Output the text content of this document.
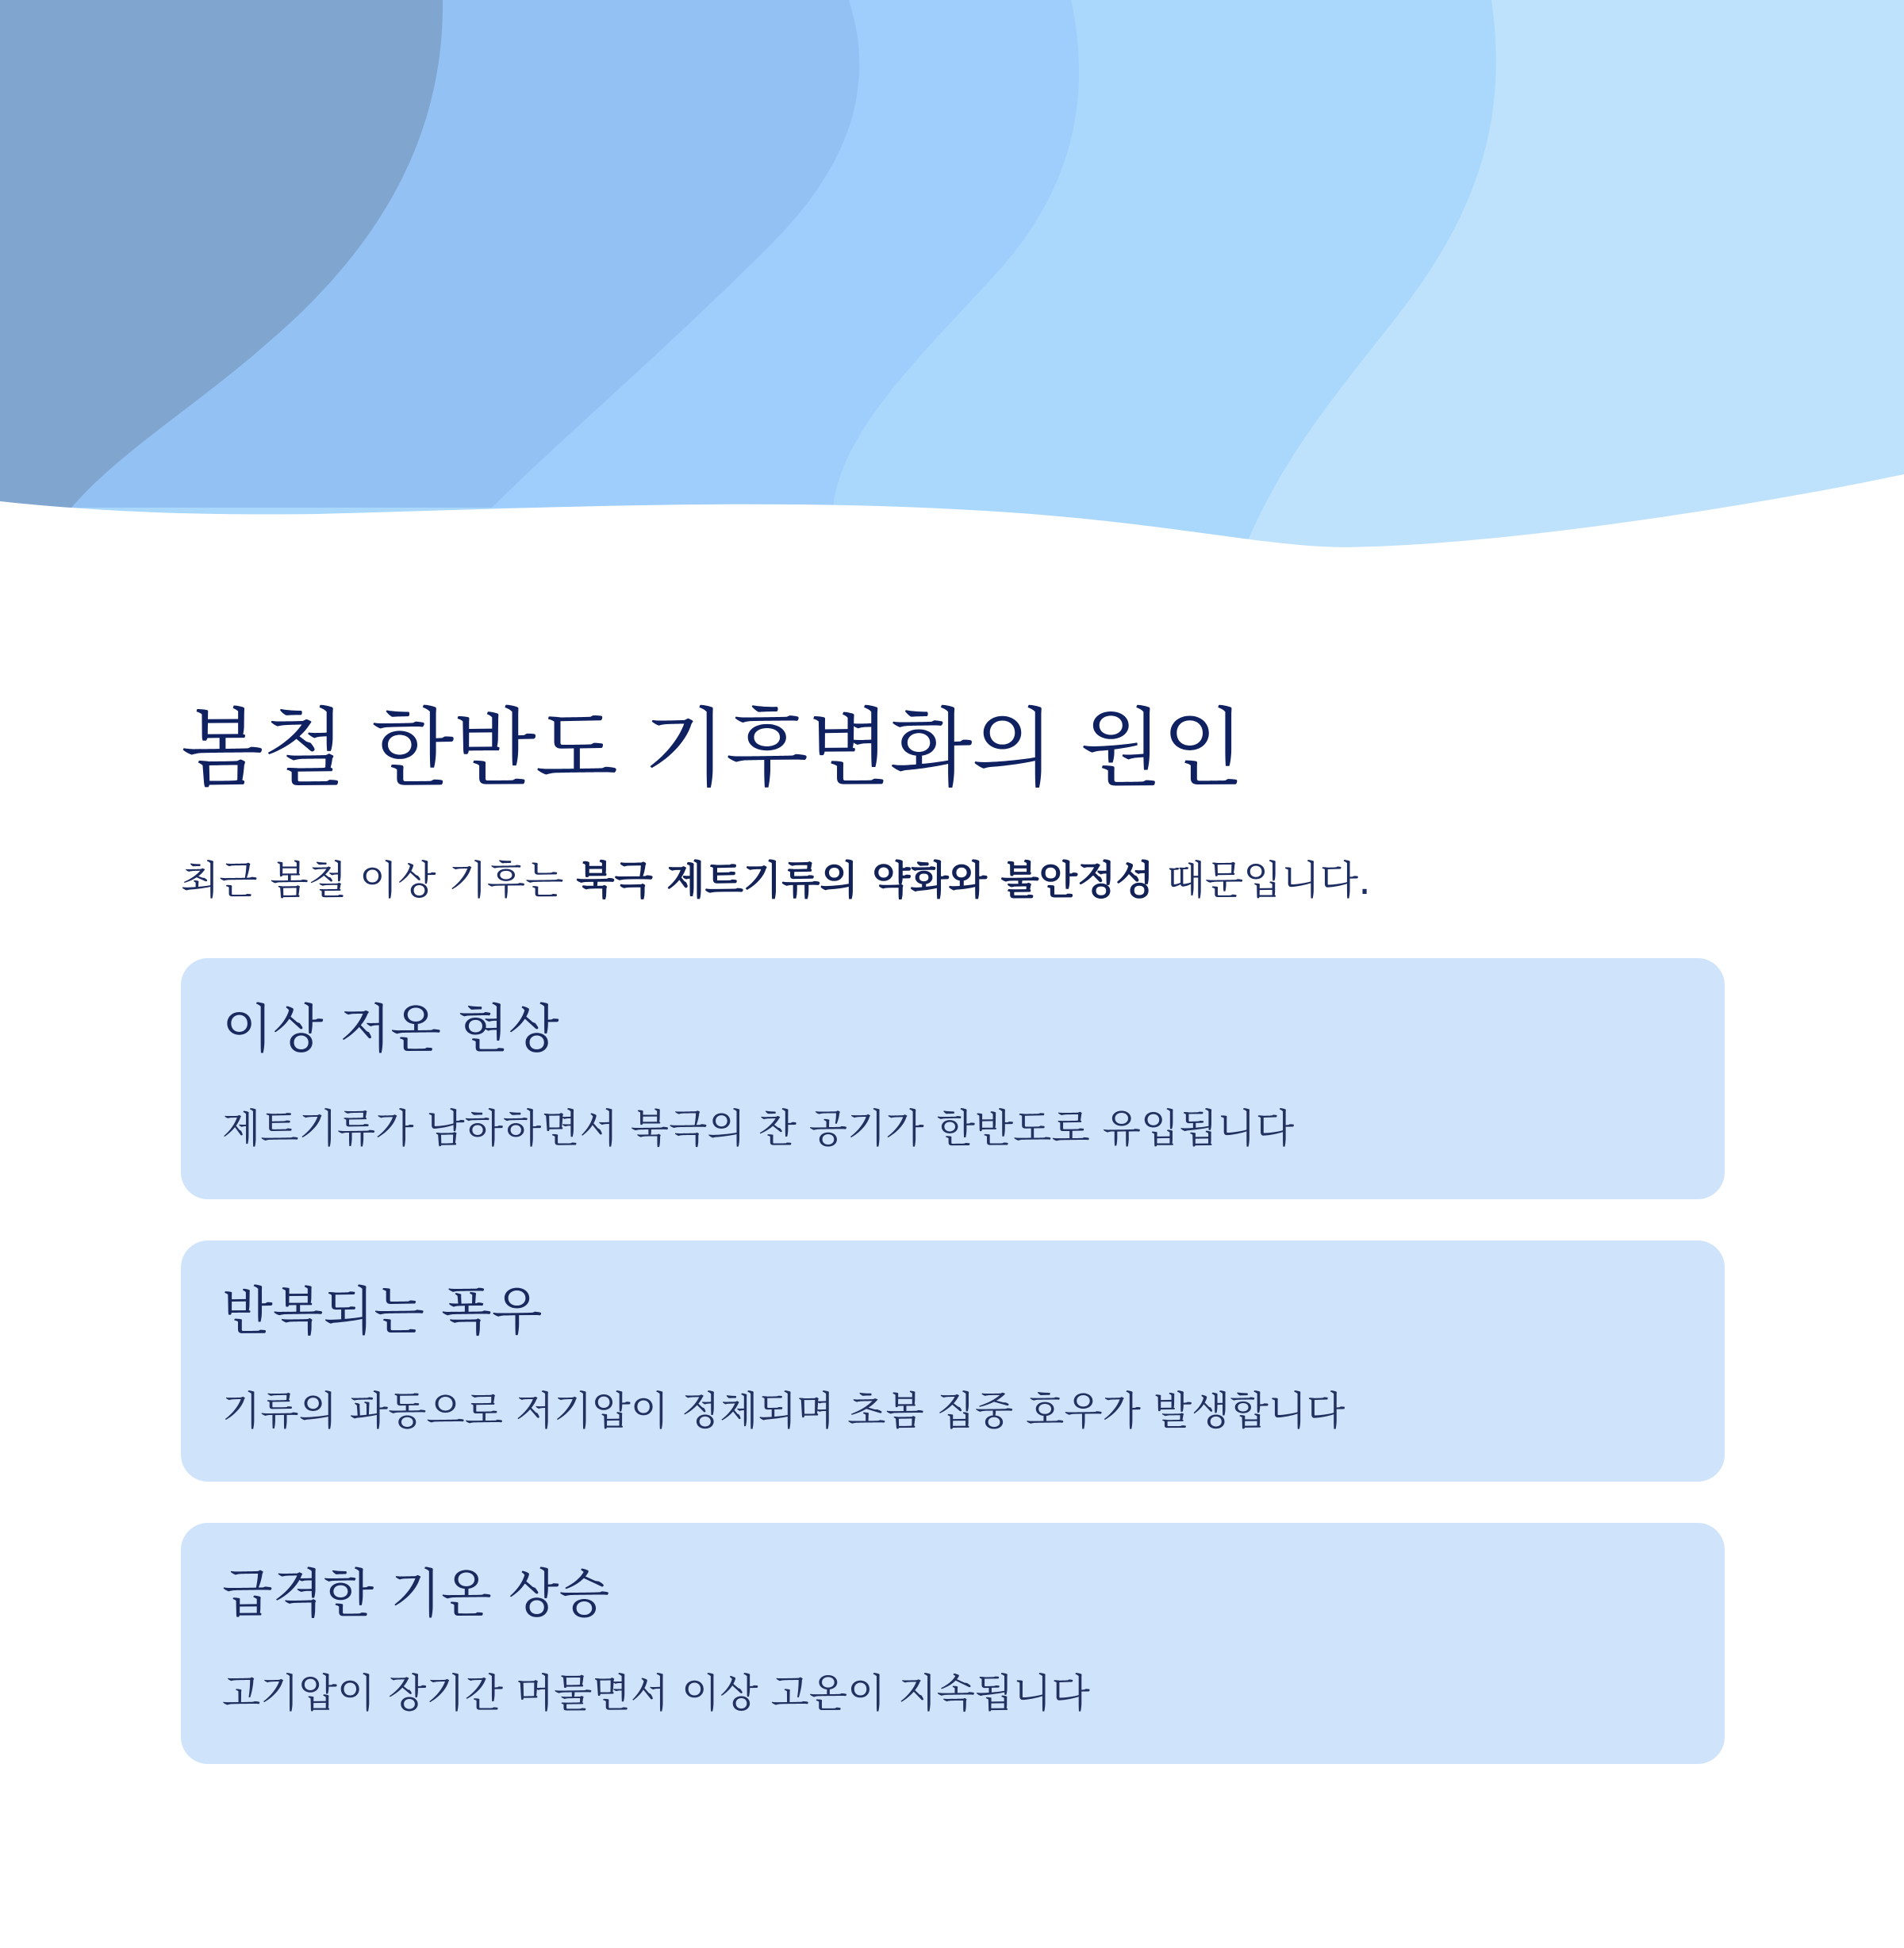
봄철 한반도 기후변화의 원인

최근 봄철 이상 기후는 북극 제트기류의 약화와 불안정성 때문입니다.

이상 저온 현상

제트기류가 남하하면서 북극의 찬 공기가 한반도로 유입됩니다

반복되는 폭우

기류의 파동으로 저기압이 정체되며 초봄 집중 호우가 발생합니다

급격한 기온 상승

고기압이 장기간 머물면서 이상 고온이 지속됩니다
